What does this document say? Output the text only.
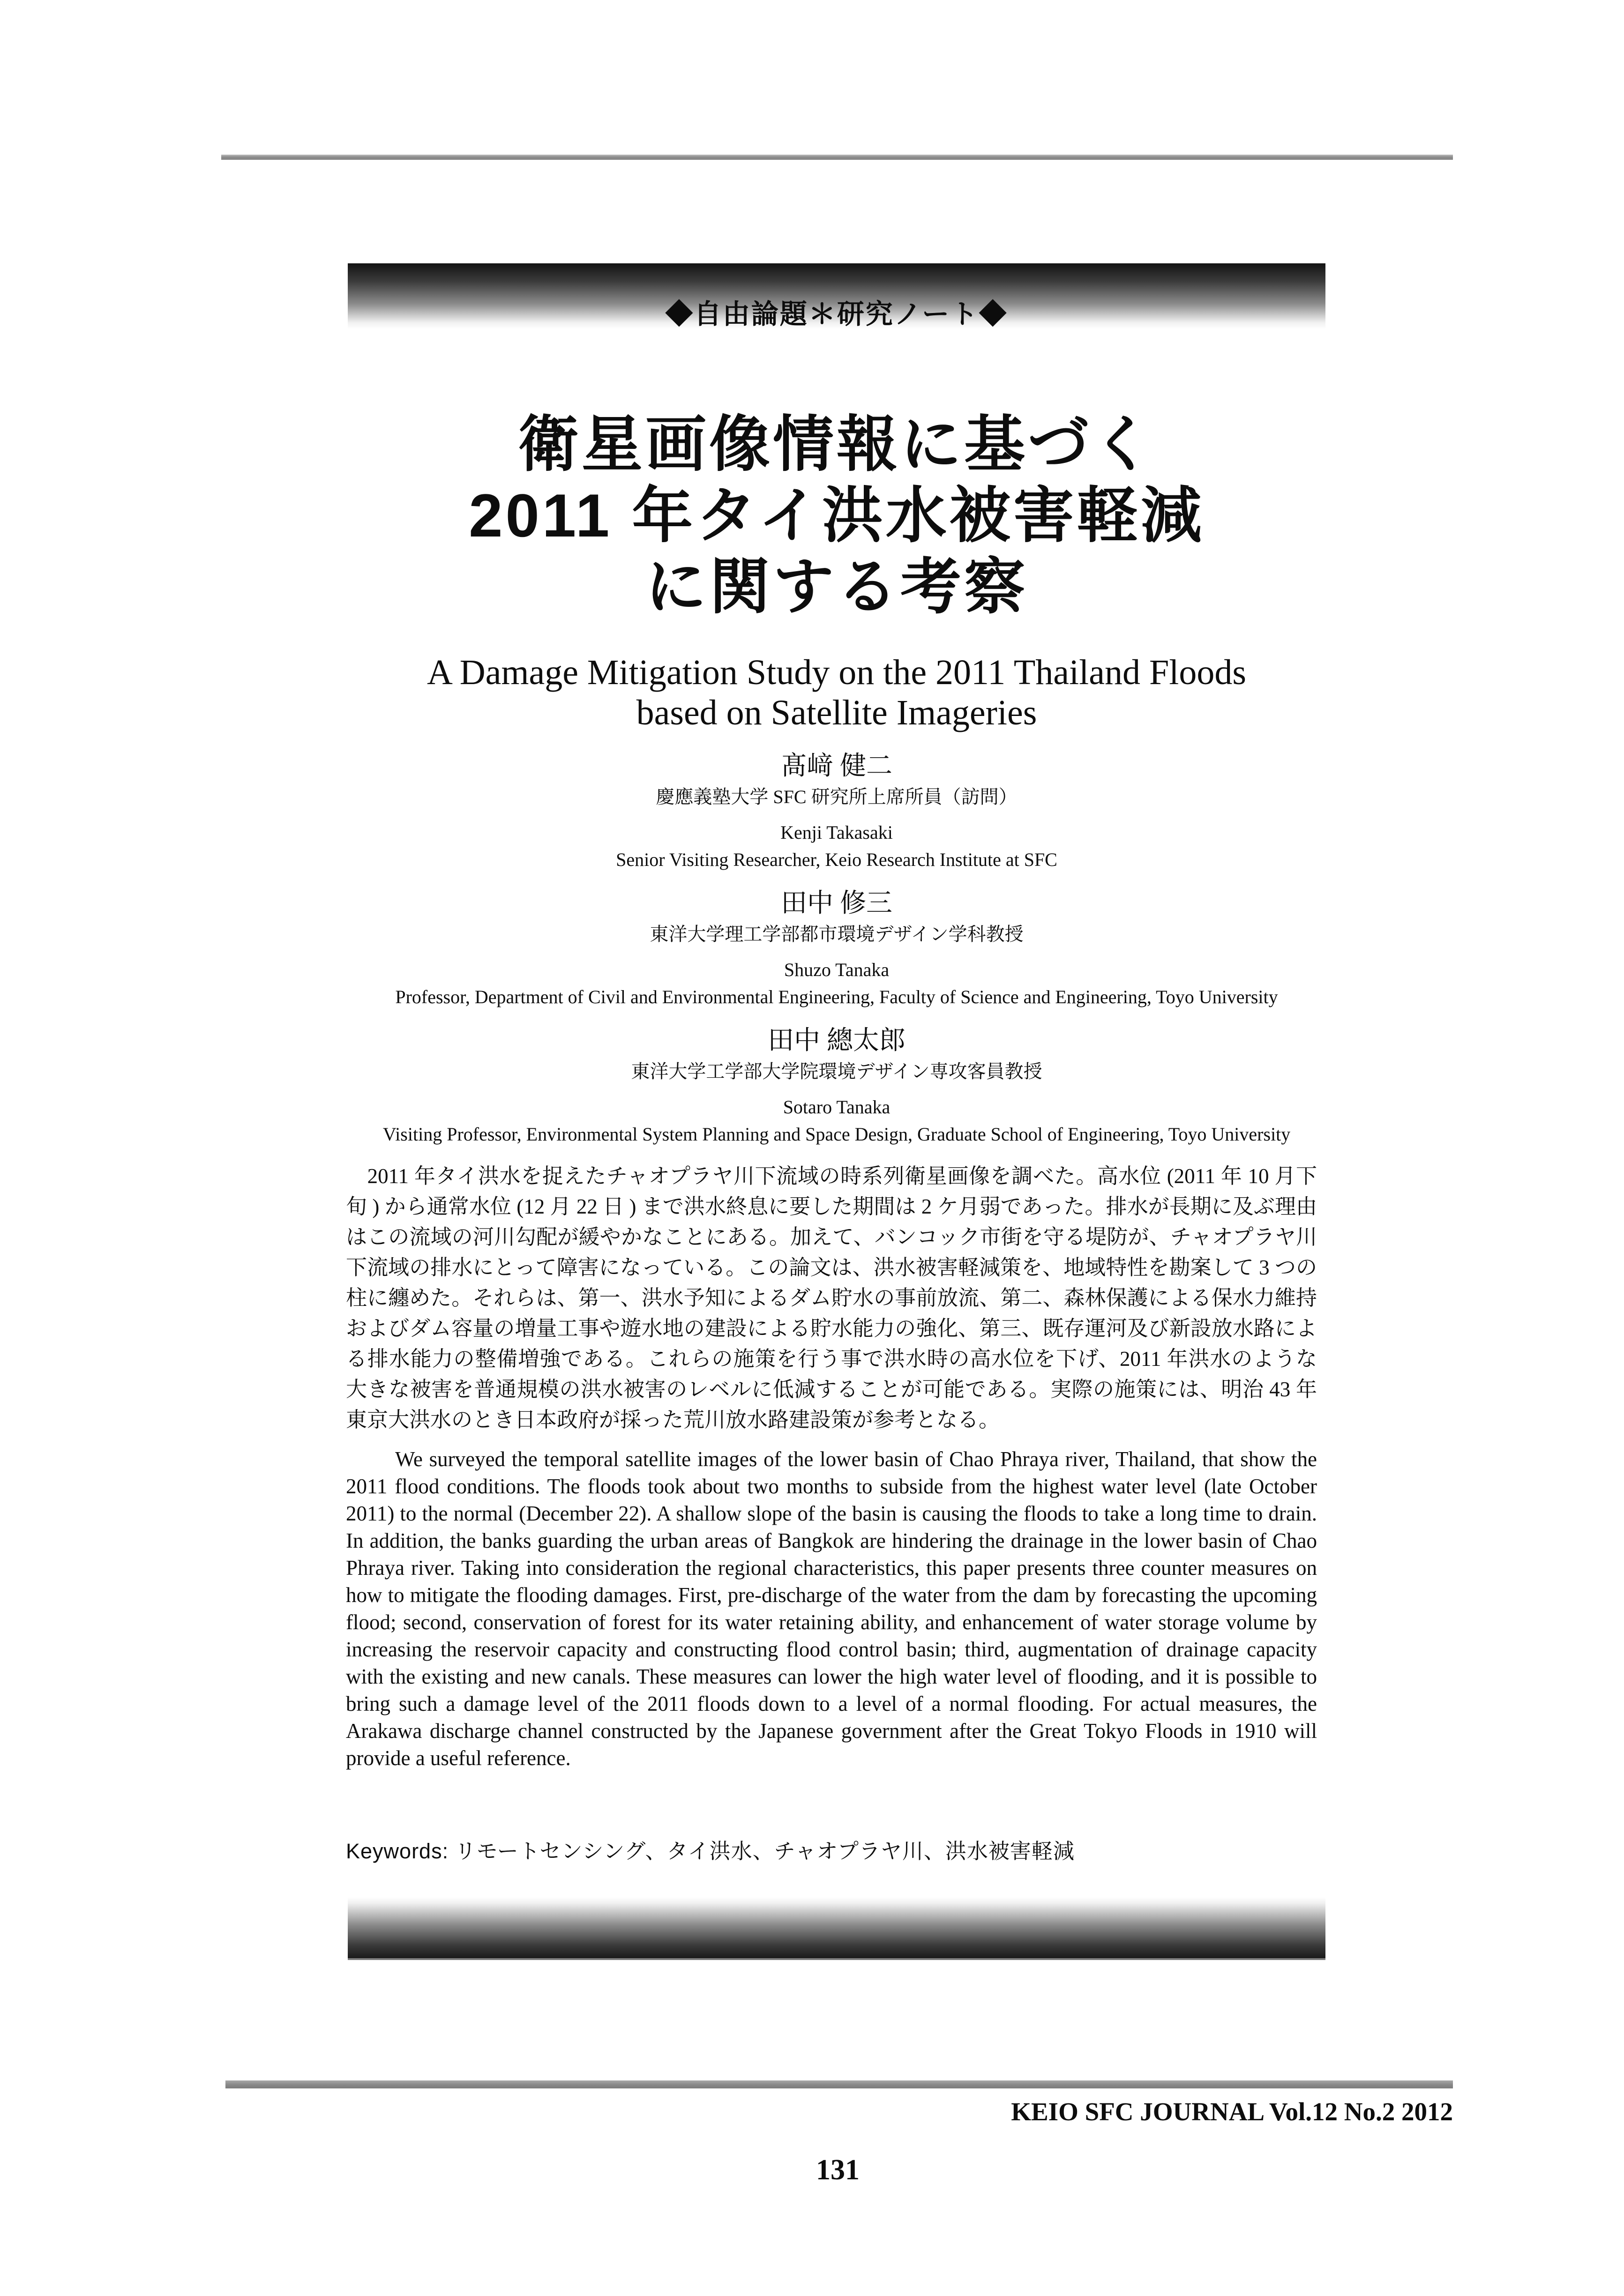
◆自由論題＊研究ノート◆
衛星画像情報に基づく
2011 年タイ洪水被害軽減
に関する考察
A Damage Mitigation Study on the 2011 Thailand Floods
based on Satellite Imageries
髙﨑 健二
慶應義塾大学 SFC 研究所上席所員（訪問）
Kenji Takasaki
Senior Visiting Researcher, Keio Research Institute at SFC
田中 修三
東洋大学理工学部都市環境デザイン学科教授
Shuzo Tanaka
Professor, Department of Civil and Environmental Engineering, Faculty of Science and Engineering, Toyo University
田中 總太郎
東洋大学工学部大学院環境デザイン専攻客員教授
Sotaro Tanaka
Visiting Professor, Environmental System Planning and Space Design, Graduate School of Engineering, Toyo University
　2011 年タイ洪水を捉えたチャオプラヤ川下流域の時系列衛星画像を調べた。高水位 (2011 年 10 月下旬 ) から通常水位 (12 月 22 日 ) まで洪水終息に要した期間は 2 ケ月弱であった。排水が長期に及ぶ理由はこの流域の河川勾配が緩やかなことにある。加えて、バンコック市街を守る堤防が、チャオプラヤ川下流域の排水にとって障害になっている。この論文は、洪水被害軽減策を、地域特性を勘案して 3 つの柱に纏めた。それらは、第一、洪水予知によるダム貯水の事前放流、第二、森林保護による保水力維持およびダム容量の増量工事や遊水地の建設による貯水能力の強化、第三、既存運河及び新設放水路による排水能力の整備増強である。これらの施策を行う事で洪水時の高水位を下げ、2011 年洪水のような大きな被害を普通規模の洪水被害のレベルに低減することが可能である。実際の施策には、明治 43 年東京大洪水のとき日本政府が採った荒川放水路建設策が参考となる。
We surveyed the temporal satellite images of the lower basin of Chao Phraya river, Thailand, that show the 2011 flood conditions. The floods took about two months to subside from the highest water level (late October 2011) to the normal (December 22). A shallow slope of the basin is causing the floods to take a long time to drain. In addition, the banks guarding the urban areas of Bangkok are hindering the drainage in the lower basin of Chao Phraya river. Taking into consideration the regional characteristics, this paper presents three counter measures on how to mitigate the flooding damages. First, pre-discharge of the water from the dam by forecasting the upcoming flood; second, conservation of forest for its water retaining ability, and enhancement of water storage volume by increasing the reservoir capacity and constructing flood control basin; third, augmentation of drainage capacity with the existing and new canals. These measures can lower the high water level of flooding, and it is possible to bring such a damage level of the 2011 floods down to a level of a normal flooding. For actual measures, the Arakawa discharge channel constructed by the Japanese government after the Great Tokyo Floods in 1910 will provide a useful reference.
Keywords: リモートセンシング、タイ洪水、チャオプラヤ川、洪水被害軽減
KEIO SFC JOURNAL Vol.12 No.2 2012
131
